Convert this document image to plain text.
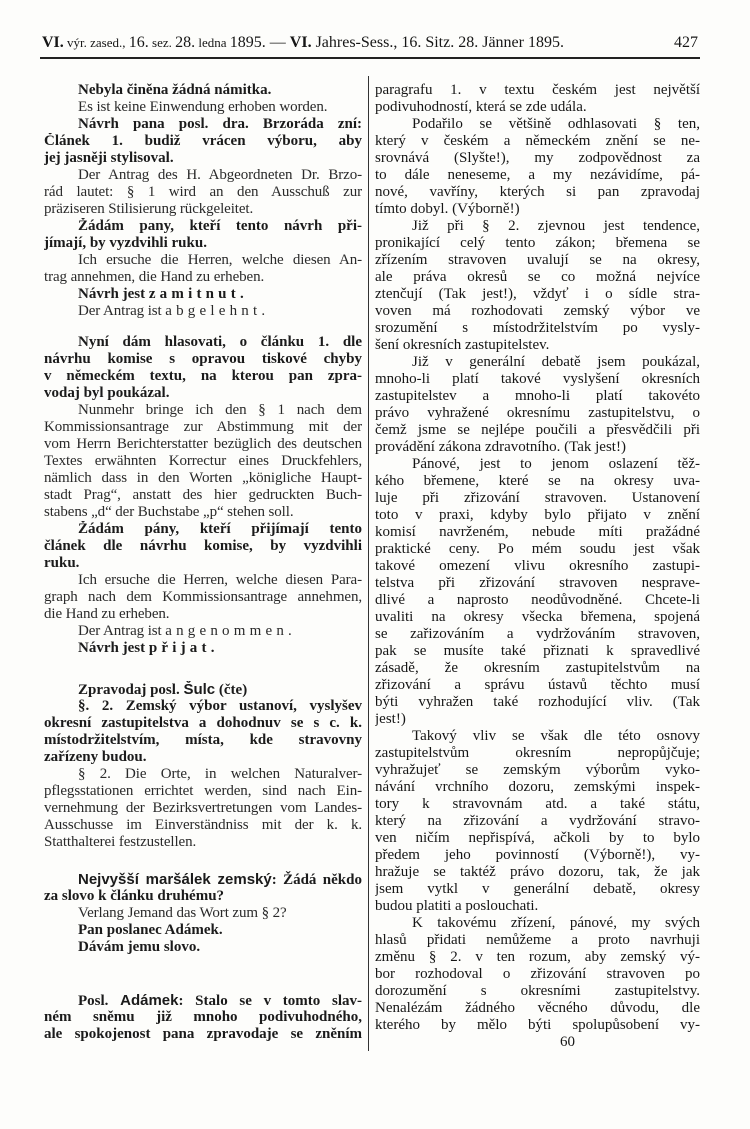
VI. výr. zased., 16. sez. 28. ledna 1895. — VI. Jahres-Sess., 16. Sitz. 28. Jänner 1895.	427
Nebyla činěna žádná námitka.
Es ist keine Einwendung erhoben worden.
Návrh pana posl. dra. Brzoráda zní:
Článek 1. budiž vrácen výboru, aby
jej jasněji stylisoval.
Der Antrag des H. Abgeordneten Dr. Brzo-
rád lautet: § 1 wird an den Ausschuß zur
präziseren Stilisierung rückgeleitet.
Žádám pany, kteří tento návrh při-
jímají, by vyzdvihli ruku.
Ich ersuche die Herren, welche diesen An-
trag annehmen, die Hand zu erheben.
Návrh jest zamitnut.
Der Antrag ist abgelehnt.
Nyní dám hlasovati, o článku 1. dle
návrhu komise s opravou tiskové chyby
v německém textu, na kterou pan zpra-
vodaj byl poukázal.
Nunmehr bringe ich den § 1 nach dem
Kommissionsantrage zur Abstimmung mit der
vom Herrn Berichterstatter bezüglich des deutschen
Textes erwähnten Korrectur eines Druckfehlers,
nämlich dass in den Worten „königliche Haupt-
stadt Prag“, anstatt des hier gedruckten Buch-
stabens „d“ der Buchstabe „p“ stehen soll.
Žádám pány, kteří přijímají tento
článek dle návrhu komise, by vyzdvihli
ruku.
Ich ersuche die Herren, welche diesen Para-
graph nach dem Kommissionsantrage annehmen,
die Hand zu erheben.
Der Antrag ist angenommen.
Návrh jest přijat.
Zpravodaj posl. Šulc (čte)
§. 2. Zemský výbor ustanoví, vyslyšev
okresní zastupitelstva a dohodnuv se s c. k.
místodržitelstvím, místa, kde stravovny
zařízeny budou.
§ 2. Die Orte, in welchen Naturalver-
pflegsstationen errichtet werden, sind nach Ein-
vernehmung der Bezirksvertretungen vom Landes-
Ausschusse im Einverständniss mit der k. k.
Statthalterei festzustellen.
Nejvyšší maršálek zemský: Žádá někdo
za slovo k článku druhému?
Verlang Jemand das Wort zum § 2?
Pan poslanec Adámek.
Dávám jemu slovo.
Posl. Adámek: Stalo se v tomto slav-
ném sněmu již mnoho podivuhodného,
ale spokojenost pana zpravodaje se zněním
paragrafu 1. v textu českém jest největší
podivuhodností, která se zde udála.
Podařilo se většině odhlasovati § ten,
který v českém a německém znění se ne-
srovnává (Slyšte!), my zodpovědnost za
to dále neneseme, a my nezávidíme, pá-
nové, vavříny, kterých si pan zpravodaj
tímto dobyl. (Výborně!)
Již při § 2. zjevnou jest tendence,
pronikající celý tento zákon; břemena se
zřízením stravoven uvalují se na okresy,
ale práva okresů se co možná nejvíce
ztenčují (Tak jest!), vždyť i o sídle stra-
voven má rozhodovati zemský výbor ve
srozumění s místodržitelstvím po vysly-
šení okresních zastupitelstev.
Již v generální debatě jsem poukázal,
mnoho-li platí takové vyslyšení okresních
zastupitelstev a mnoho-li platí takovéto
právo vyhražené okresnímu zastupitelstvu, o
čemž jsme se nejlépe poučili a přesvědčili při
provádění zákona zdravotního. (Tak jest!)
Pánové, jest to jenom oslazení těž-
kého břemene, které se na okresy uva-
luje při zřizování stravoven. Ustanovení
toto v praxi, kdyby bylo přijato v znění
komisí navrženém, nebude míti pražádné
praktické ceny. Po mém soudu jest však
takové omezení vlivu okresního zastupi-
telstva při zřizování stravoven nesprave-
dlivé a naprosto neodůvodněné. Chcete-li
uvaliti na okresy všecka břemena, spojená
se zařizováním a vydržováním stravoven,
pak se musíte také přiznati k spravedlivé
zásadě, že okresním zastupitelstvům na
zřizování a správu ústavů těchto musí
býti vyhražen také rozhodující vliv. (Tak
jest!)
Takový vliv se však dle této osnovy
zastupitelstvům okresním nepropůjčuje;
vyhražujeť se zemským výborům vyko-
návání vrchního dozoru, zemskými inspek-
tory k stravovnám atd. a také státu,
který na zřizování a vydržování stravo-
ven ničím nepřispívá, ačkoli by to bylo
předem jeho povinností (Výborně!), vy-
hražuje se taktéž právo dozoru, tak, že jak
jsem vytkl v generální debatě, okresy
budou platiti a poslouchati.
K takovému zřízení, pánové, my svých
hlasů přidati nemůžeme a proto navrhuji
změnu § 2. v ten rozum, aby zemský vý-
bor rozhodoval o zřizování stravoven po
dorozumění s okresními zastupitelstvy.
Nenalézám žádného věcného důvodu, dle
kterého by mělo býti spolupůsobení vy-
60
